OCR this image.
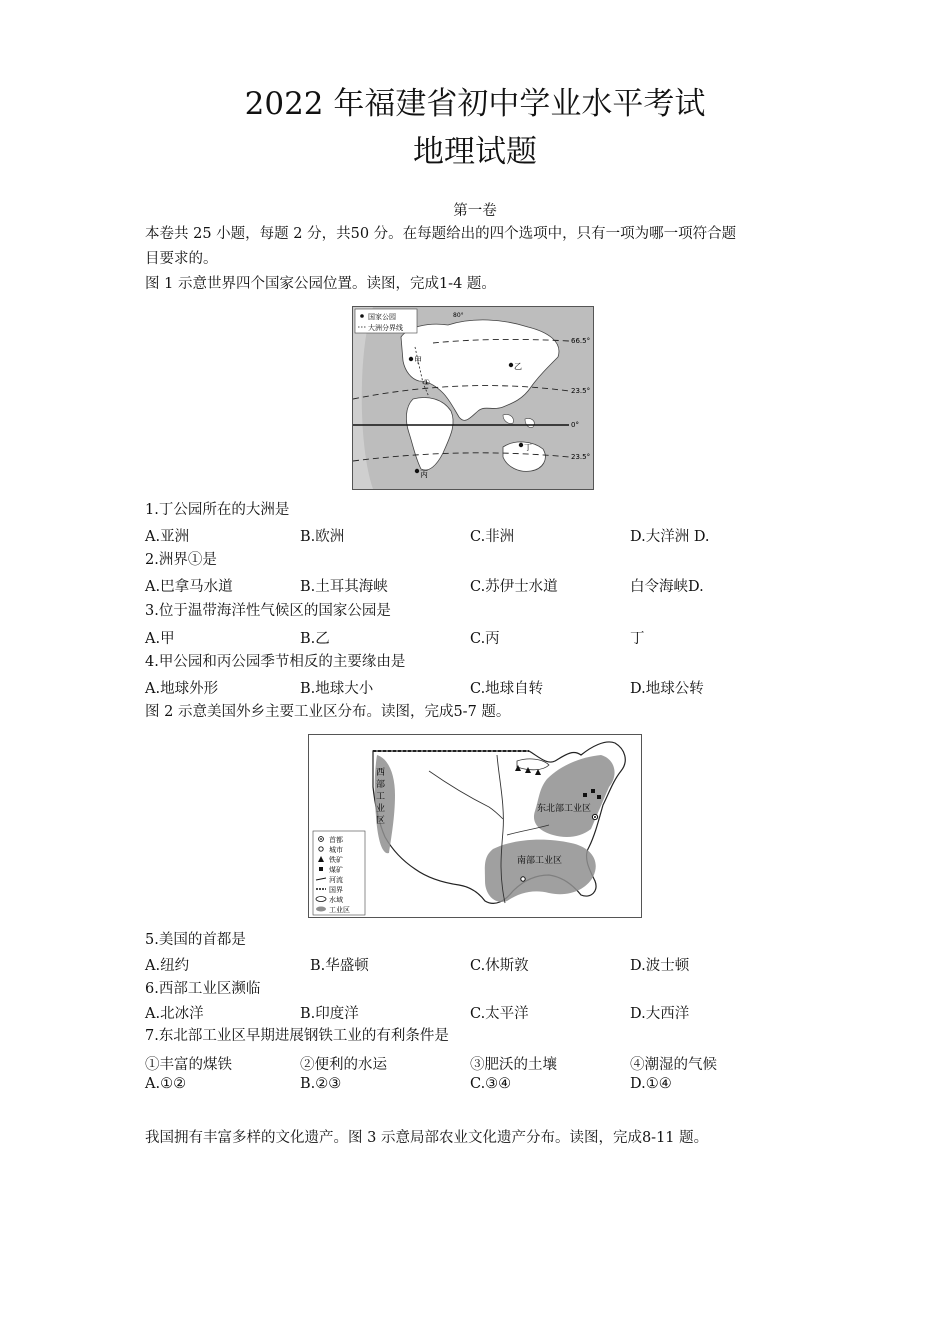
2022 年福建省初中学业水平考试
地理试题
第一卷
本卷共 25 小题，每题 2 分，共50 分。在每题给出的四个选项中，只有一项为哪一项符合题
目要求的。
图 1 示意世界四个国家公园位置。读图，完成1-4 题。
国家公园
大洲分界线
80°
66.5°
23.5°
0°
23.5°
甲
乙
丙
丁
①
1.丁公园所在的大洲是
A.亚洲	B.欧洲	C.非洲	D.大洋洲 D.
2.洲界①是
A.巴拿马水道	B.土耳其海峡	C.苏伊士水道	白令海峡D.
3.位于温带海洋性气候区的国家公园是
A.甲	B.乙	C.丙	丁
4.甲公园和丙公园季节相反的主要缘由是
A.地球外形	B.地球大小	C.地球自转	D.地球公转
图 2 示意美国外乡主要工业区分布。读图，完成5-7 题。
首都
城市
铁矿
煤矿
河流
国界
水域
工业区
西
部
工
业
区
东北部工业区
南部工业区
5.美国的首都是
A.纽约	B.华盛顿	C.休斯敦	D.波士顿
6.西部工业区濒临
A.北冰洋	B.印度洋	C.太平洋	D.大西洋
7.东北部工业区早期进展钢铁工业的有利条件是
①丰富的煤铁	②便利的水运	③肥沃的土壤	④潮湿的气候
A.①②	B.②③	C.③④	D.①④
我国拥有丰富多样的文化遗产。图 3 示意局部农业文化遗产分布。读图，完成8-11 题。
